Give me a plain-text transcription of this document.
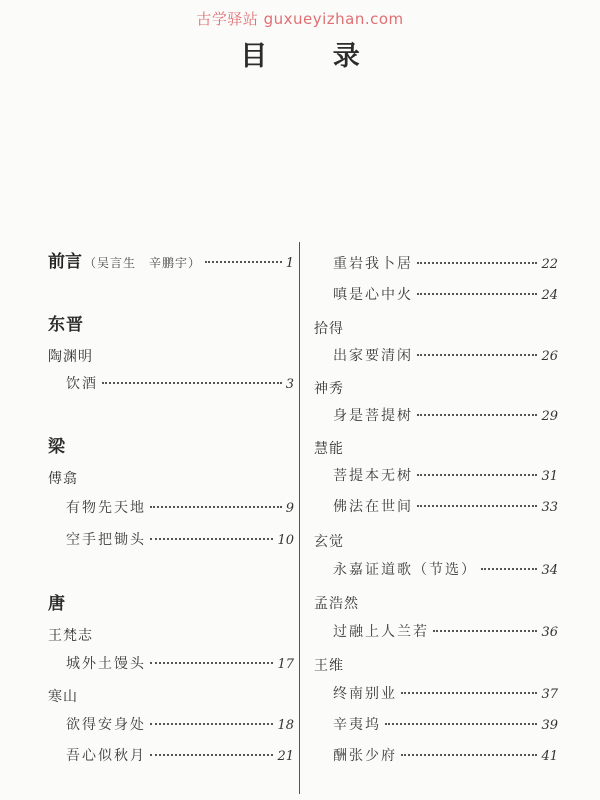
古学驿站 guxueyizhan.com
目 录
前言 （吴言生　辛鹏宇）	1
东晋
陶渊明
饮酒	3
梁
傅翕
有物先天地	9
空手把锄头	10
唐
王梵志
城外土馒头	17
寒山
欲得安身处	18
吾心似秋月	21
重岩我卜居	22
嗔是心中火	24
拾得
出家要清闲	26
神秀
身是菩提树	29
慧能
菩提本无树	31
佛法在世间	33
玄觉
永嘉证道歌（节选）	34
孟浩然
过融上人兰若	36
王维
终南别业	37
辛夷坞	39
酬张少府	41
